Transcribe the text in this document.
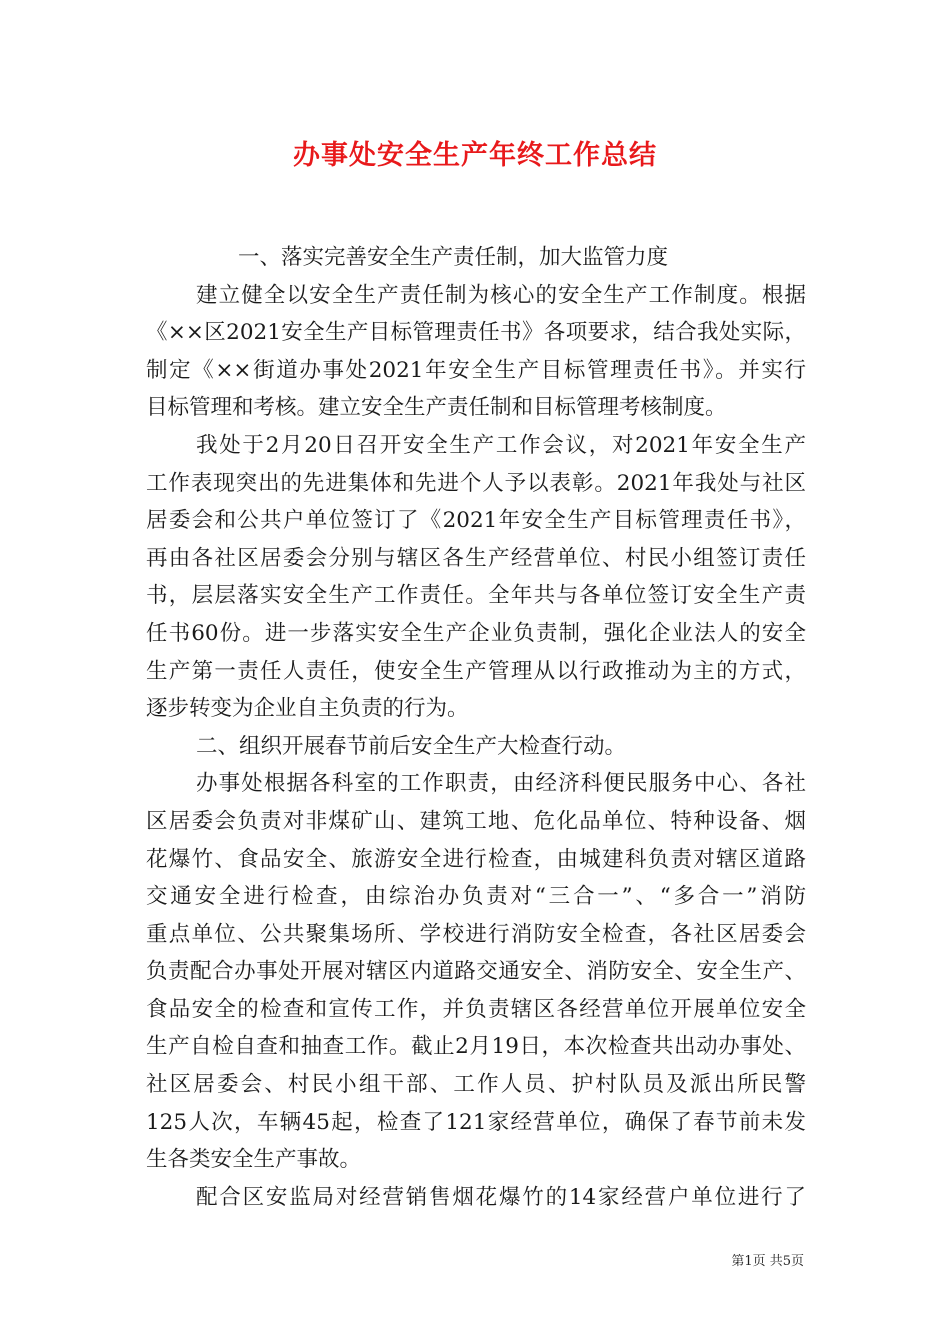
办事处安全生产年终工作总结
一、落实完善安全生产责任制，加大监管力度
建立健全以安全生产责任制为核心的安全生产工作制度。根据
《××区2021安全生产目标管理责任书》各项要求，结合我处实际，
制定《××街道办事处2021年安全生产目标管理责任书》。并实行
目标管理和考核。建立安全生产责任制和目标管理考核制度。
我处于2月20日召开安全生产工作会议，对2021年安全生产
工作表现突出的先进集体和先进个人予以表彰。2021年我处与社区
居委会和公共户单位签订了《2021年安全生产目标管理责任书》，
再由各社区居委会分别与辖区各生产经营单位、村民小组签订责任
书，层层落实安全生产工作责任。全年共与各单位签订安全生产责
任书60份。进一步落实安全生产企业负责制，强化企业法人的安全
生产第一责任人责任，使安全生产管理从以行政推动为主的方式，
逐步转变为企业自主负责的行为。
二、组织开展春节前后安全生产大检查行动。
办事处根据各科室的工作职责，由经济科便民服务中心、各社
区居委会负责对非煤矿山、建筑工地、危化品单位、特种设备、烟
花爆竹、食品安全、旅游安全进行检查，由城建科负责对辖区道路
交通安全进行检查，由综治办负责对“三合一”、“多合一”消防
重点单位、公共聚集场所、学校进行消防安全检查，各社区居委会
负责配合办事处开展对辖区内道路交通安全、消防安全、安全生产、
食品安全的检查和宣传工作，并负责辖区各经营单位开展单位安全
生产自检自查和抽查工作。截止2月19日，本次检查共出动办事处、
社区居委会、村民小组干部、工作人员、护村队员及派出所民警
125人次，车辆45起，检查了121家经营单位，确保了春节前未发
生各类安全生产事故。
配合区安监局对经营销售烟花爆竹的14家经营户单位进行了
第1页 共5页
